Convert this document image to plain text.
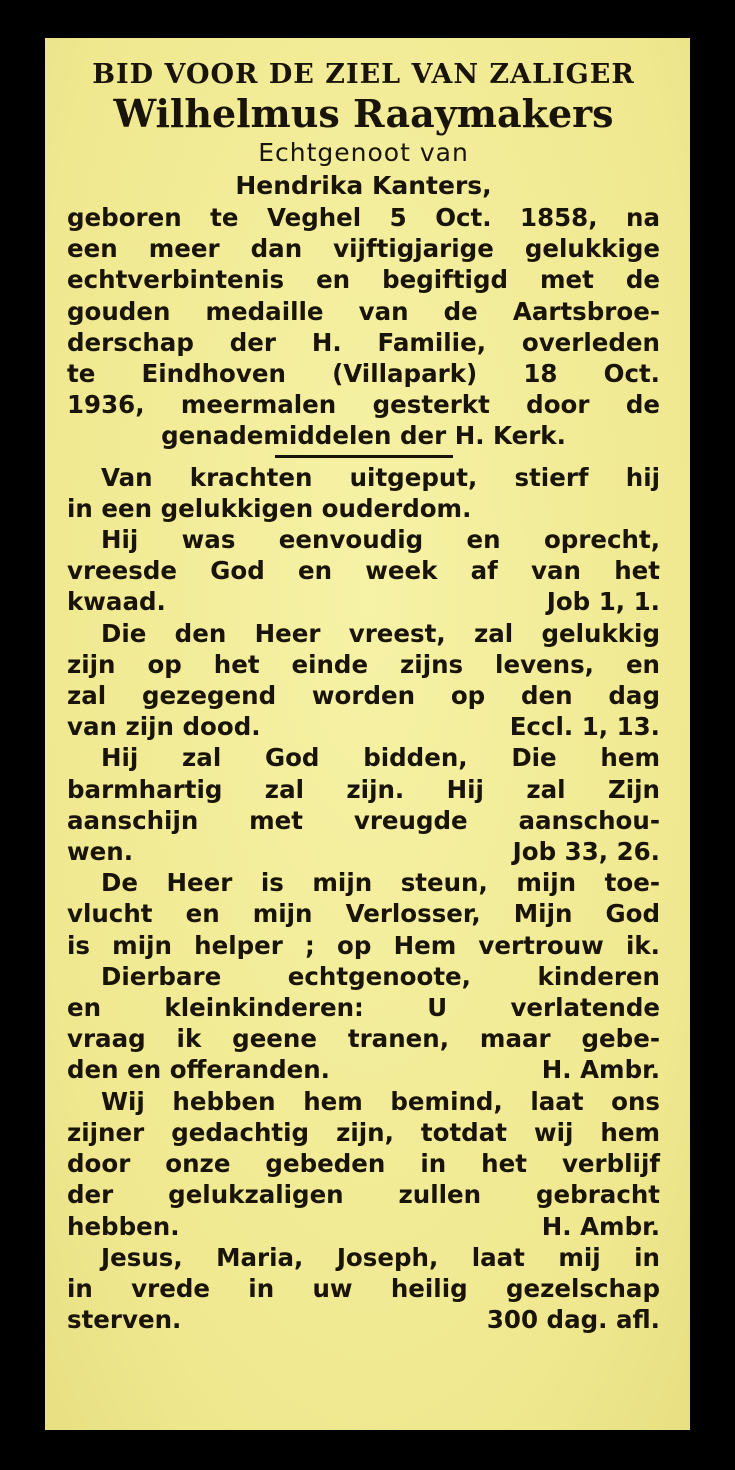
BID VOOR DE ZIEL VAN ZALIGER

Wilhelmus Raaymakers

Echtgenoot van

Hendrika Kanters,

geboren te Veghel 5 Oct. 1858, na

een meer dan vijftigjarige gelukkige

echtverbintenis en begiftigd met de

gouden medaille van de Aartsbroe-

derschap der H. Familie, overleden

te Eindhoven (Villapark) 18 Oct.

1936, meermalen gesterkt door de

genademiddelen der H. Kerk.

Van krachten uitgeput, stierf hij

in een gelukkigen ouderdom.

Hij was eenvoudig en oprecht,

vreesde God en week af van het

kwaad.	Job 1, 1.

Die den Heer vreest, zal gelukkig

zijn op het einde zijns levens, en

zal gezegend worden op den dag

van zijn dood.	Eccl. 1, 13.

Hij zal God bidden, Die hem

barmhartig zal zijn. Hij zal Zijn

aanschijn met vreugde aanschou-

wen.	Job 33, 26.

De Heer is mijn steun, mijn toe-

vlucht en mijn Verlosser, Mijn God

is mijn helper ; op Hem vertrouw ik.

Dierbare echtgenoote, kinderen

en kleinkinderen: U verlatende

vraag ik geene tranen, maar gebe-

den en offeranden.	H. Ambr.

Wij hebben hem bemind, laat ons

zijner gedachtig zijn, totdat wij hem

door onze gebeden in het verblijf

der gelukzaligen zullen gebracht

hebben.	H. Ambr.

Jesus, Maria, Joseph, laat mij in

in vrede in uw heilig gezelschap

sterven.	300 dag. afl.
